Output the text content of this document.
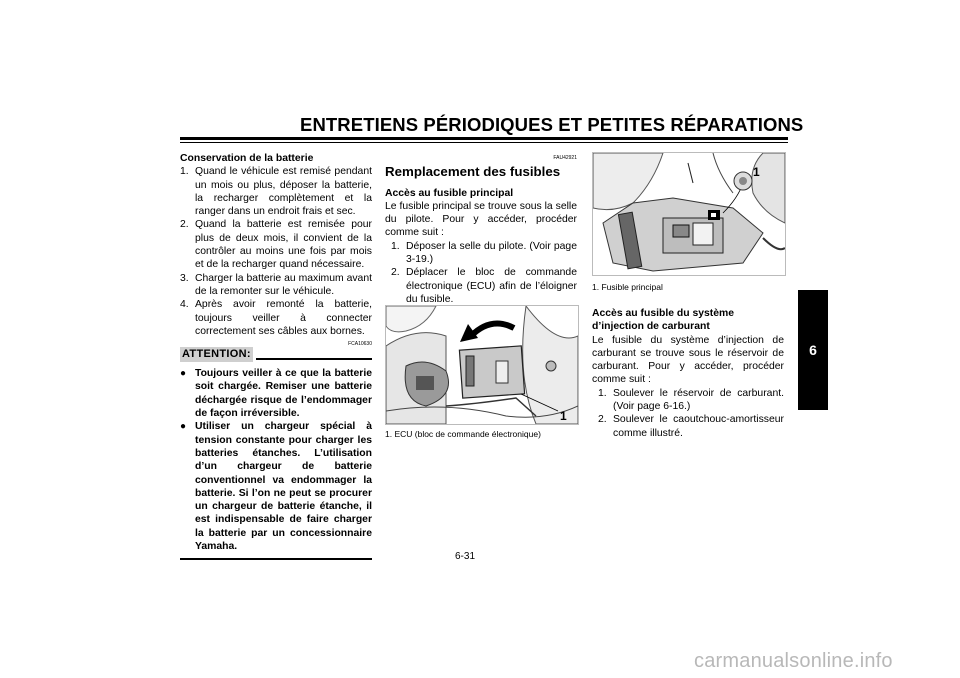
ENTRETIENS PÉRIODIQUES ET PETITES RÉPARATIONS
6

Conservation de la batterie

1. Quand le véhicule est remisé pendant un mois ou plus, déposer la batterie, la recharger complètement et la ranger dans un endroit frais et sec.
2. Quand la batterie est remisée pour plus de deux mois, il convient de la contrôler au moins une fois par mois et de la recharger quand nécessaire.
3. Charger la batterie au maximum avant de la remonter sur le véhicule.
4. Après avoir remonté la batterie, toujours veiller à connecter correctement ses câbles aux bornes.
FCA10630
ATTENTION:
● Toujours veiller à ce que la batterie soit chargée. Remiser une batterie déchargée risque de l’endommager de façon irréversible.
● Utiliser un chargeur spécial à tension constante pour charger les batteries étanches. L’utilisation d’un chargeur de batterie conventionnel va endommager la batterie. Si l’on ne peut se procurer un chargeur de batterie étanche, il est indispensable de faire charger la batterie par un concessionnaire Yamaha.
FAU42921
Remplacement des fusibles

Accès au fusible principal

Le fusible principal se trouve sous la selle du pilote. Pour y accéder, procéder comme suit :

1. Déposer la selle du pilote. (Voir page 3-19.)
2. Déplacer le bloc de commande électronique (ECU) afin de l’éloigner du fusible.
1
1. ECU (bloc de commande électronique)
1
1. Fusible principal

Accès au fusible du système d’injection de carburant

Le fusible du système d’injection de carburant se trouve sous le réservoir de carburant. Pour y accéder, procéder comme suit :

1. Soulever le réservoir de carburant. (Voir page 6-16.)
2. Soulever le caoutchouc-amortisseur comme illustré.
6-31
carmanualsonline.info
